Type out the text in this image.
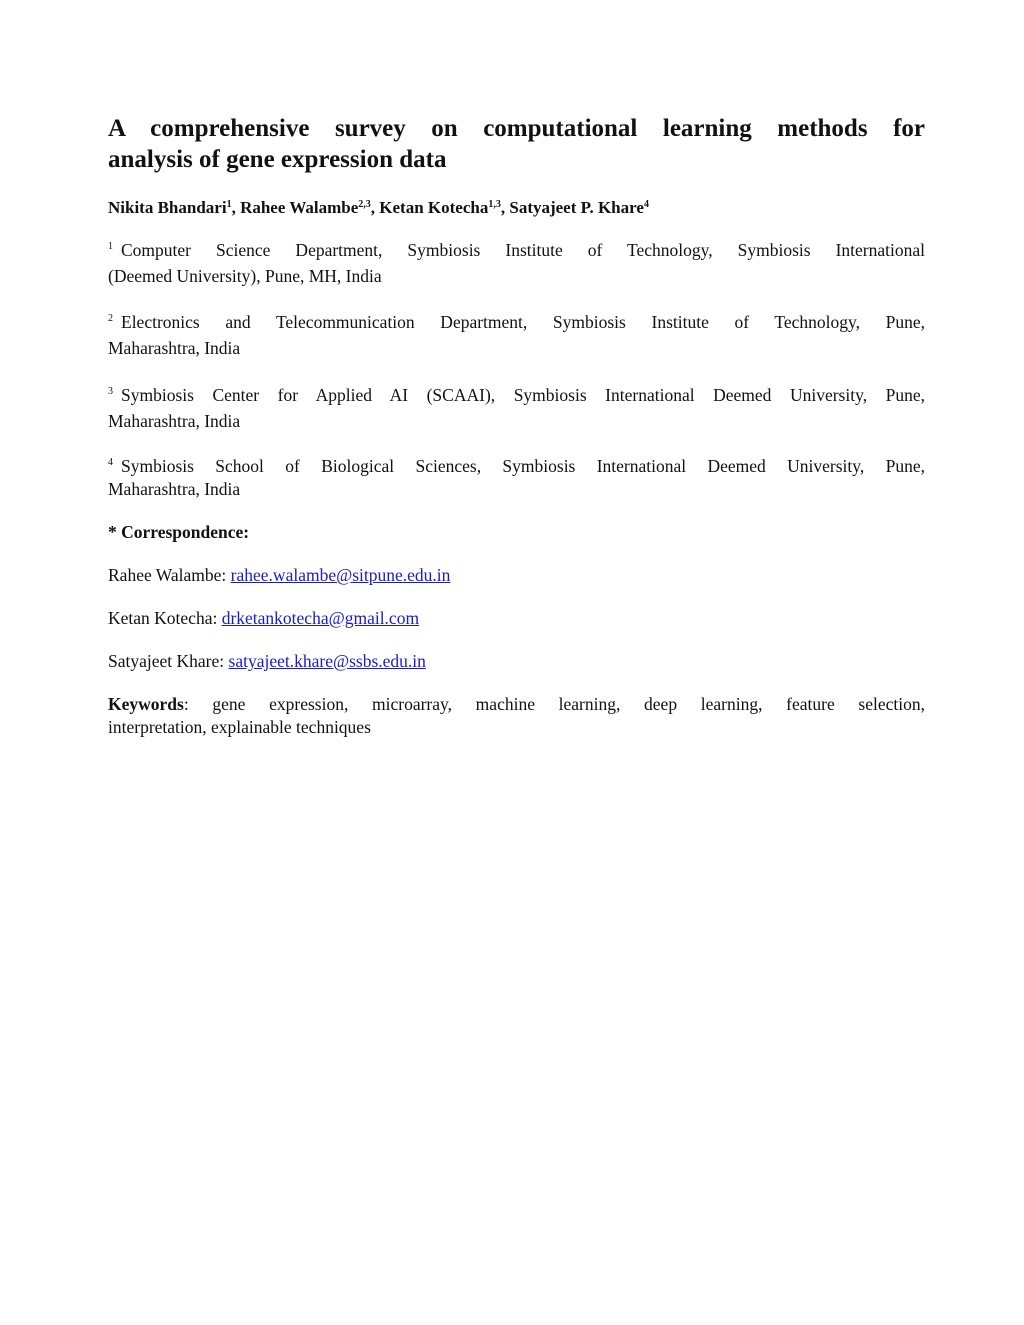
A comprehensive survey on computational learning methods for
analysis of gene expression data
Nikita Bhandari$^1$, Rahee Walambe$^{2,3}$, Ketan Kotecha$^{1,3}$, Satyajeet P. Khare$^4$

$^1$ Computer Science Department, Symbiosis Institute of Technology, Symbiosis International
(Deemed University), Pune, MH, India

$^2$ Electronics and Telecommunication Department, Symbiosis Institute of Technology, Pune,
Maharashtra, India

$^3$ Symbiosis Center for Applied AI (SCAAI), Symbiosis International Deemed University, Pune,
Maharashtra, India

$^4$ Symbiosis School of Biological Sciences, Symbiosis International Deemed University, Pune,
Maharashtra, India

* Correspondence:
Rahee Walambe: rahee.walambe@sitpune.edu.in
Ketan Kotecha: drketankotecha@gmail.com
Satyajeet Khare: satyajeet.khare@ssbs.edu.in
Keywords: gene expression, microarray, machine learning, deep learning, feature selection,
interpretation, explainable techniques
